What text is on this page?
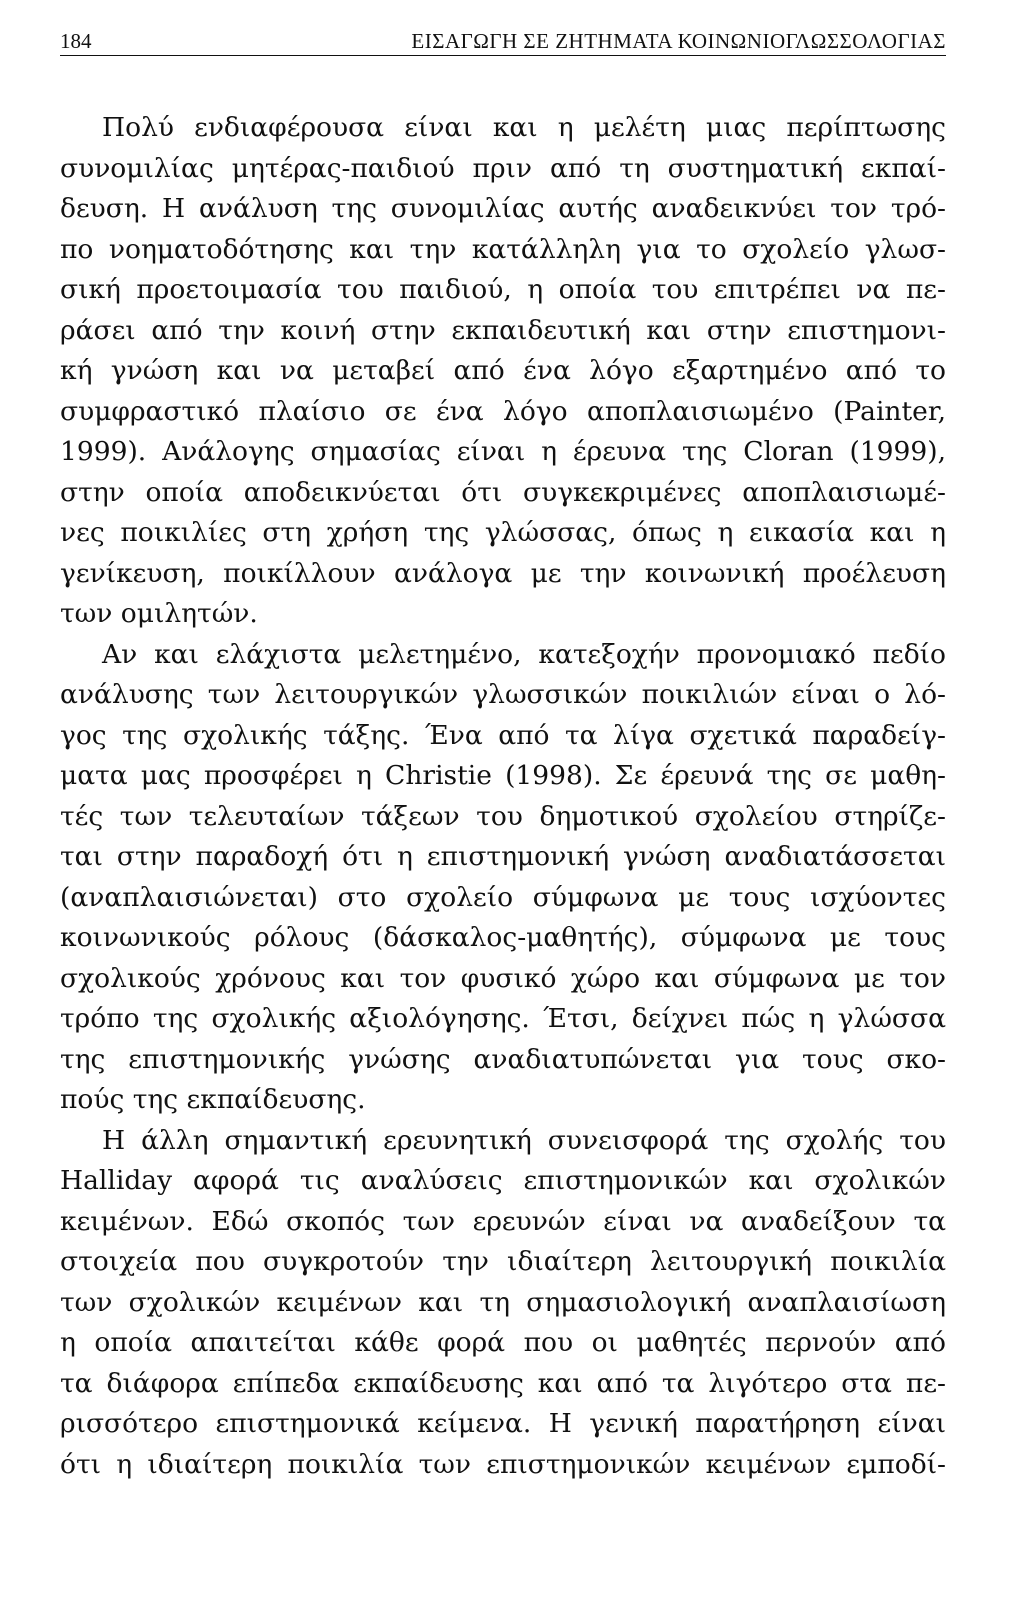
184	ΕΙΣΑΓΩΓΗ ΣΕ ΖΗΤΗΜΑΤΑ ΚΟΙΝΩΝΙΟΓΛΩΣΣΟΛΟΓΙΑΣ
Πολύ ενδιαφέρουσα είναι και η μελέτη μιας περίπτωσης
συνομιλίας μητέρας-παιδιού πριν από τη συστηματική εκπαί-
δευση. Η ανάλυση της συνομιλίας αυτής αναδεικνύει τον τρό-
πο νοηματοδότησης και την κατάλληλη για το σχολείο γλωσ-
σική προετοιμασία του παιδιού, η οποία του επιτρέπει να πε-
ράσει από την κοινή στην εκπαιδευτική και στην επιστημονι-
κή γνώση και να μεταβεί από ένα λόγο εξαρτημένο από το
συμφραστικό πλαίσιο σε ένα λόγο αποπλαισιωμένο (Painter,
1999). Ανάλογης σημασίας είναι η έρευνα της Cloran (1999),
στην οποία αποδεικνύεται ότι συγκεκριμένες αποπλαισιωμέ-
νες ποικιλίες στη χρήση της γλώσσας, όπως η εικασία και η
γενίκευση, ποικίλλουν ανάλογα με την κοινωνική προέλευση
των ομιλητών.
Αν και ελάχιστα μελετημένο, κατεξοχήν προνομιακό πεδίο
ανάλυσης των λειτουργικών γλωσσικών ποικιλιών είναι ο λό-
γος της σχολικής τάξης. Ένα από τα λίγα σχετικά παραδείγ-
ματα μας προσφέρει η Christie (1998). Σε έρευνά της σε μαθη-
τές των τελευταίων τάξεων του δημοτικού σχολείου στηρίζε-
ται στην παραδοχή ότι η επιστημονική γνώση αναδιατάσσεται
(αναπλαισιώνεται) στο σχολείο σύμφωνα με τους ισχύοντες
κοινωνικούς ρόλους (δάσκαλος-μαθητής), σύμφωνα με τους
σχολικούς χρόνους και τον φυσικό χώρο και σύμφωνα με τον
τρόπο της σχολικής αξιολόγησης. Έτσι, δείχνει πώς η γλώσσα
της επιστημονικής γνώσης αναδιατυπώνεται για τους σκο-
πούς της εκπαίδευσης.
Η άλλη σημαντική ερευνητική συνεισφορά της σχολής του
Halliday αφορά τις αναλύσεις επιστημονικών και σχολικών
κειμένων. Εδώ σκοπός των ερευνών είναι να αναδείξουν τα
στοιχεία που συγκροτούν την ιδιαίτερη λειτουργική ποικιλία
των σχολικών κειμένων και τη σημασιολογική αναπλαισίωση
η οποία απαιτείται κάθε φορά που οι μαθητές περνούν από
τα διάφορα επίπεδα εκπαίδευσης και από τα λιγότερο στα πε-
ρισσότερο επιστημονικά κείμενα. Η γενική παρατήρηση είναι
ότι η ιδιαίτερη ποικιλία των επιστημονικών κειμένων εμποδί-
